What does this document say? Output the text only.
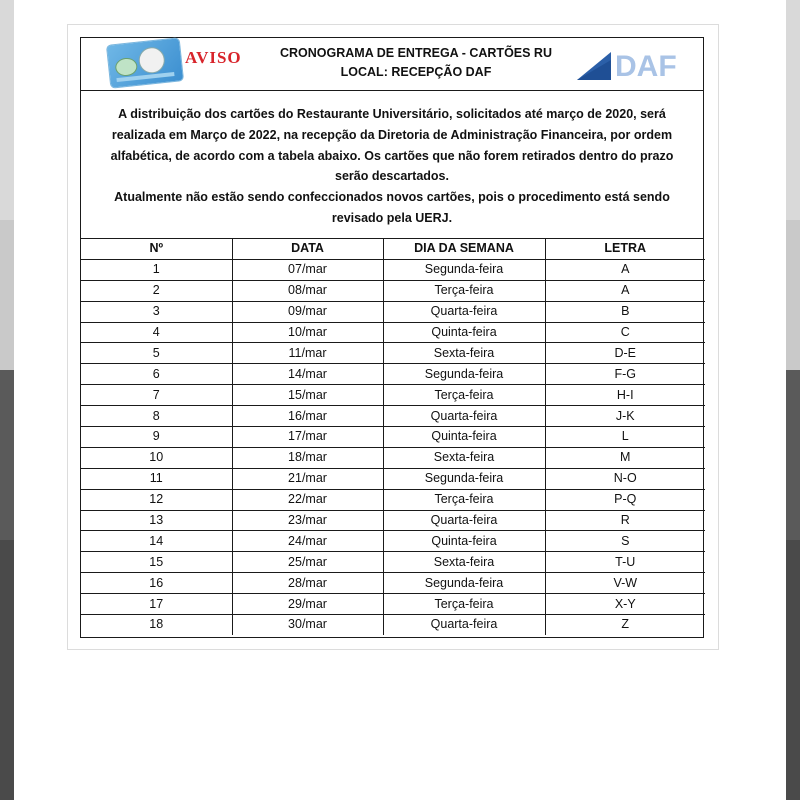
AVISO	CRONOGRAMA DE ENTREGA - CARTÕES RU
LOCAL: RECEPÇÃO DAF	DAF

A distribuição dos cartões do Restaurante Universitário, solicitados até março de 2020, será realizada em Março de 2022, na recepção da Diretoria de Administração Financeira, por ordem alfabética, de acordo com a tabela abaixo. Os cartões que não forem retirados dentro do prazo serão descartados.

Atualmente não estão sendo confeccionados novos cartões, pois o procedimento está sendo revisado pela UERJ.

Nº	DATA	DIA DA SEMANA	LETRA
1	07/mar	Segunda-feira	A
2	08/mar	Terça-feira	A
3	09/mar	Quarta-feira	B
4	10/mar	Quinta-feira	C
5	11/mar	Sexta-feira	D-E
6	14/mar	Segunda-feira	F-G
7	15/mar	Terça-feira	H-I
8	16/mar	Quarta-feira	J-K
9	17/mar	Quinta-feira	L
10	18/mar	Sexta-feira	M
11	21/mar	Segunda-feira	N-O
12	22/mar	Terça-feira	P-Q
13	23/mar	Quarta-feira	R
14	24/mar	Quinta-feira	S
15	25/mar	Sexta-feira	T-U
16	28/mar	Segunda-feira	V-W
17	29/mar	Terça-feira	X-Y
18	30/mar	Quarta-feira	Z
